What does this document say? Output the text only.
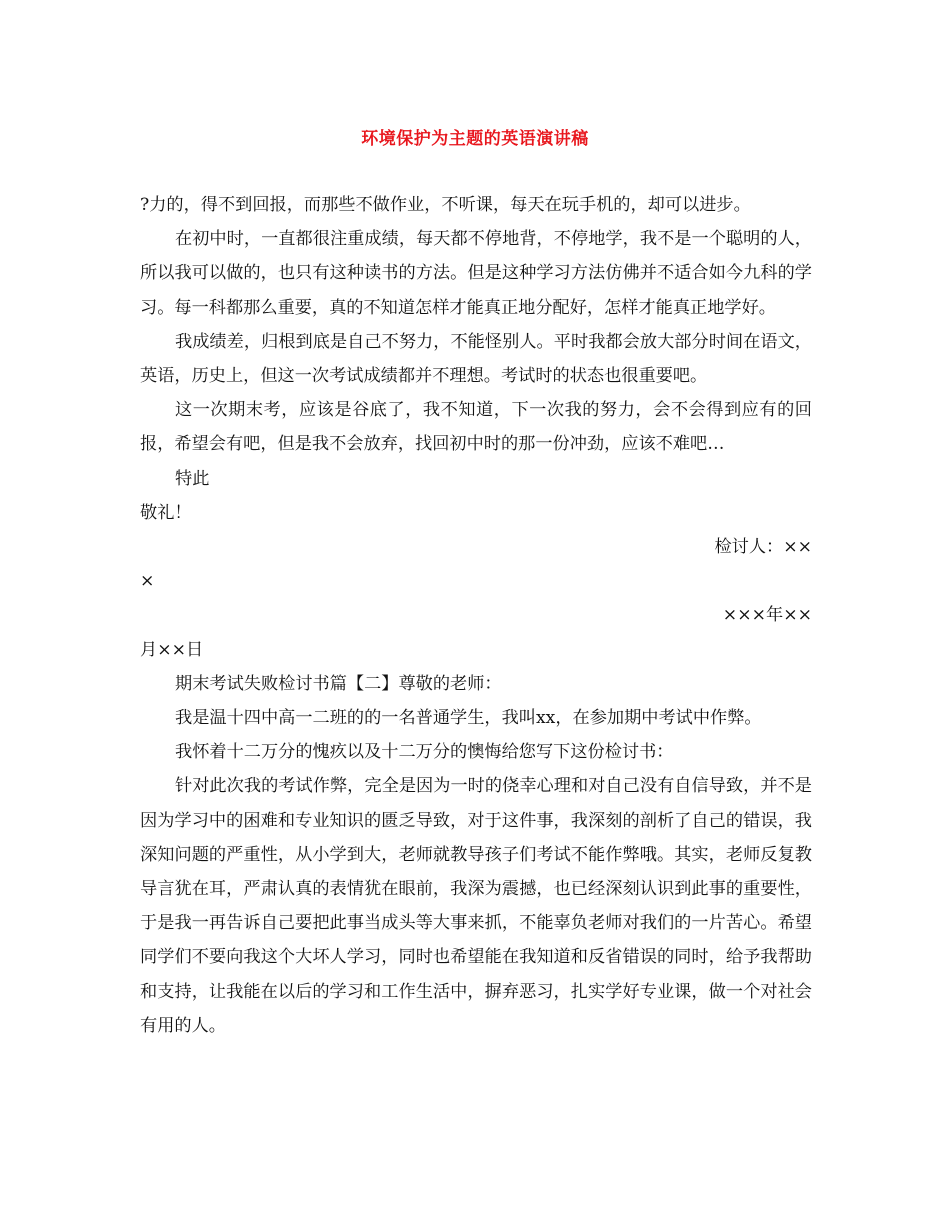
环境保护为主题的英语演讲稿

?力的，得不到回报，而那些不做作业，不听课，每天在玩手机的，却可以进步。

在初中时，一直都很注重成绩，每天都不停地背，不停地学，我不是一个聪明的人，所以我可以做的，也只有这种读书的方法。但是这种学习方法仿佛并不适合如今九科的学习。每一科都那么重要，真的不知道怎样才能真正地分配好，怎样才能真正地学好。

我成绩差，归根到底是自己不努力，不能怪别人。平时我都会放大部分时间在语文，英语，历史上，但这一次考试成绩都并不理想。考试时的状态也很重要吧。

这一次期末考，应该是谷底了，我不知道，下一次我的努力，会不会得到应有的回报，希望会有吧，但是我不会放弃，找回初中时的那一份冲劲，应该不难吧…

特此

敬礼！

检讨人：××

×

×××年××

月××日

期末考试失败检讨书篇【二】尊敬的老师：

我是温十四中高一二班的的一名普通学生，我叫xx，在参加期中考试中作弊。

我怀着十二万分的愧疚以及十二万分的懊悔给您写下这份检讨书：

针对此次我的考试作弊，完全是因为一时的侥幸心理和对自己没有自信导致，并不是因为学习中的困难和专业知识的匮乏导致，对于这件事，我深刻的剖析了自己的错误，我深知问题的严重性，从小学到大，老师就教导孩子们考试不能作弊哦。其实，老师反复教导言犹在耳，严肃认真的表情犹在眼前，我深为震撼，也已经深刻认识到此事的重要性，于是我一再告诉自己要把此事当成头等大事来抓，不能辜负老师对我们的一片苦心。希望同学们不要向我这个大坏人学习，同时也希望能在我知道和反省错误的同时，给予我帮助和支持，让我能在以后的学习和工作生活中，摒弃恶习，扎实学好专业课，做一个对社会有用的人。
